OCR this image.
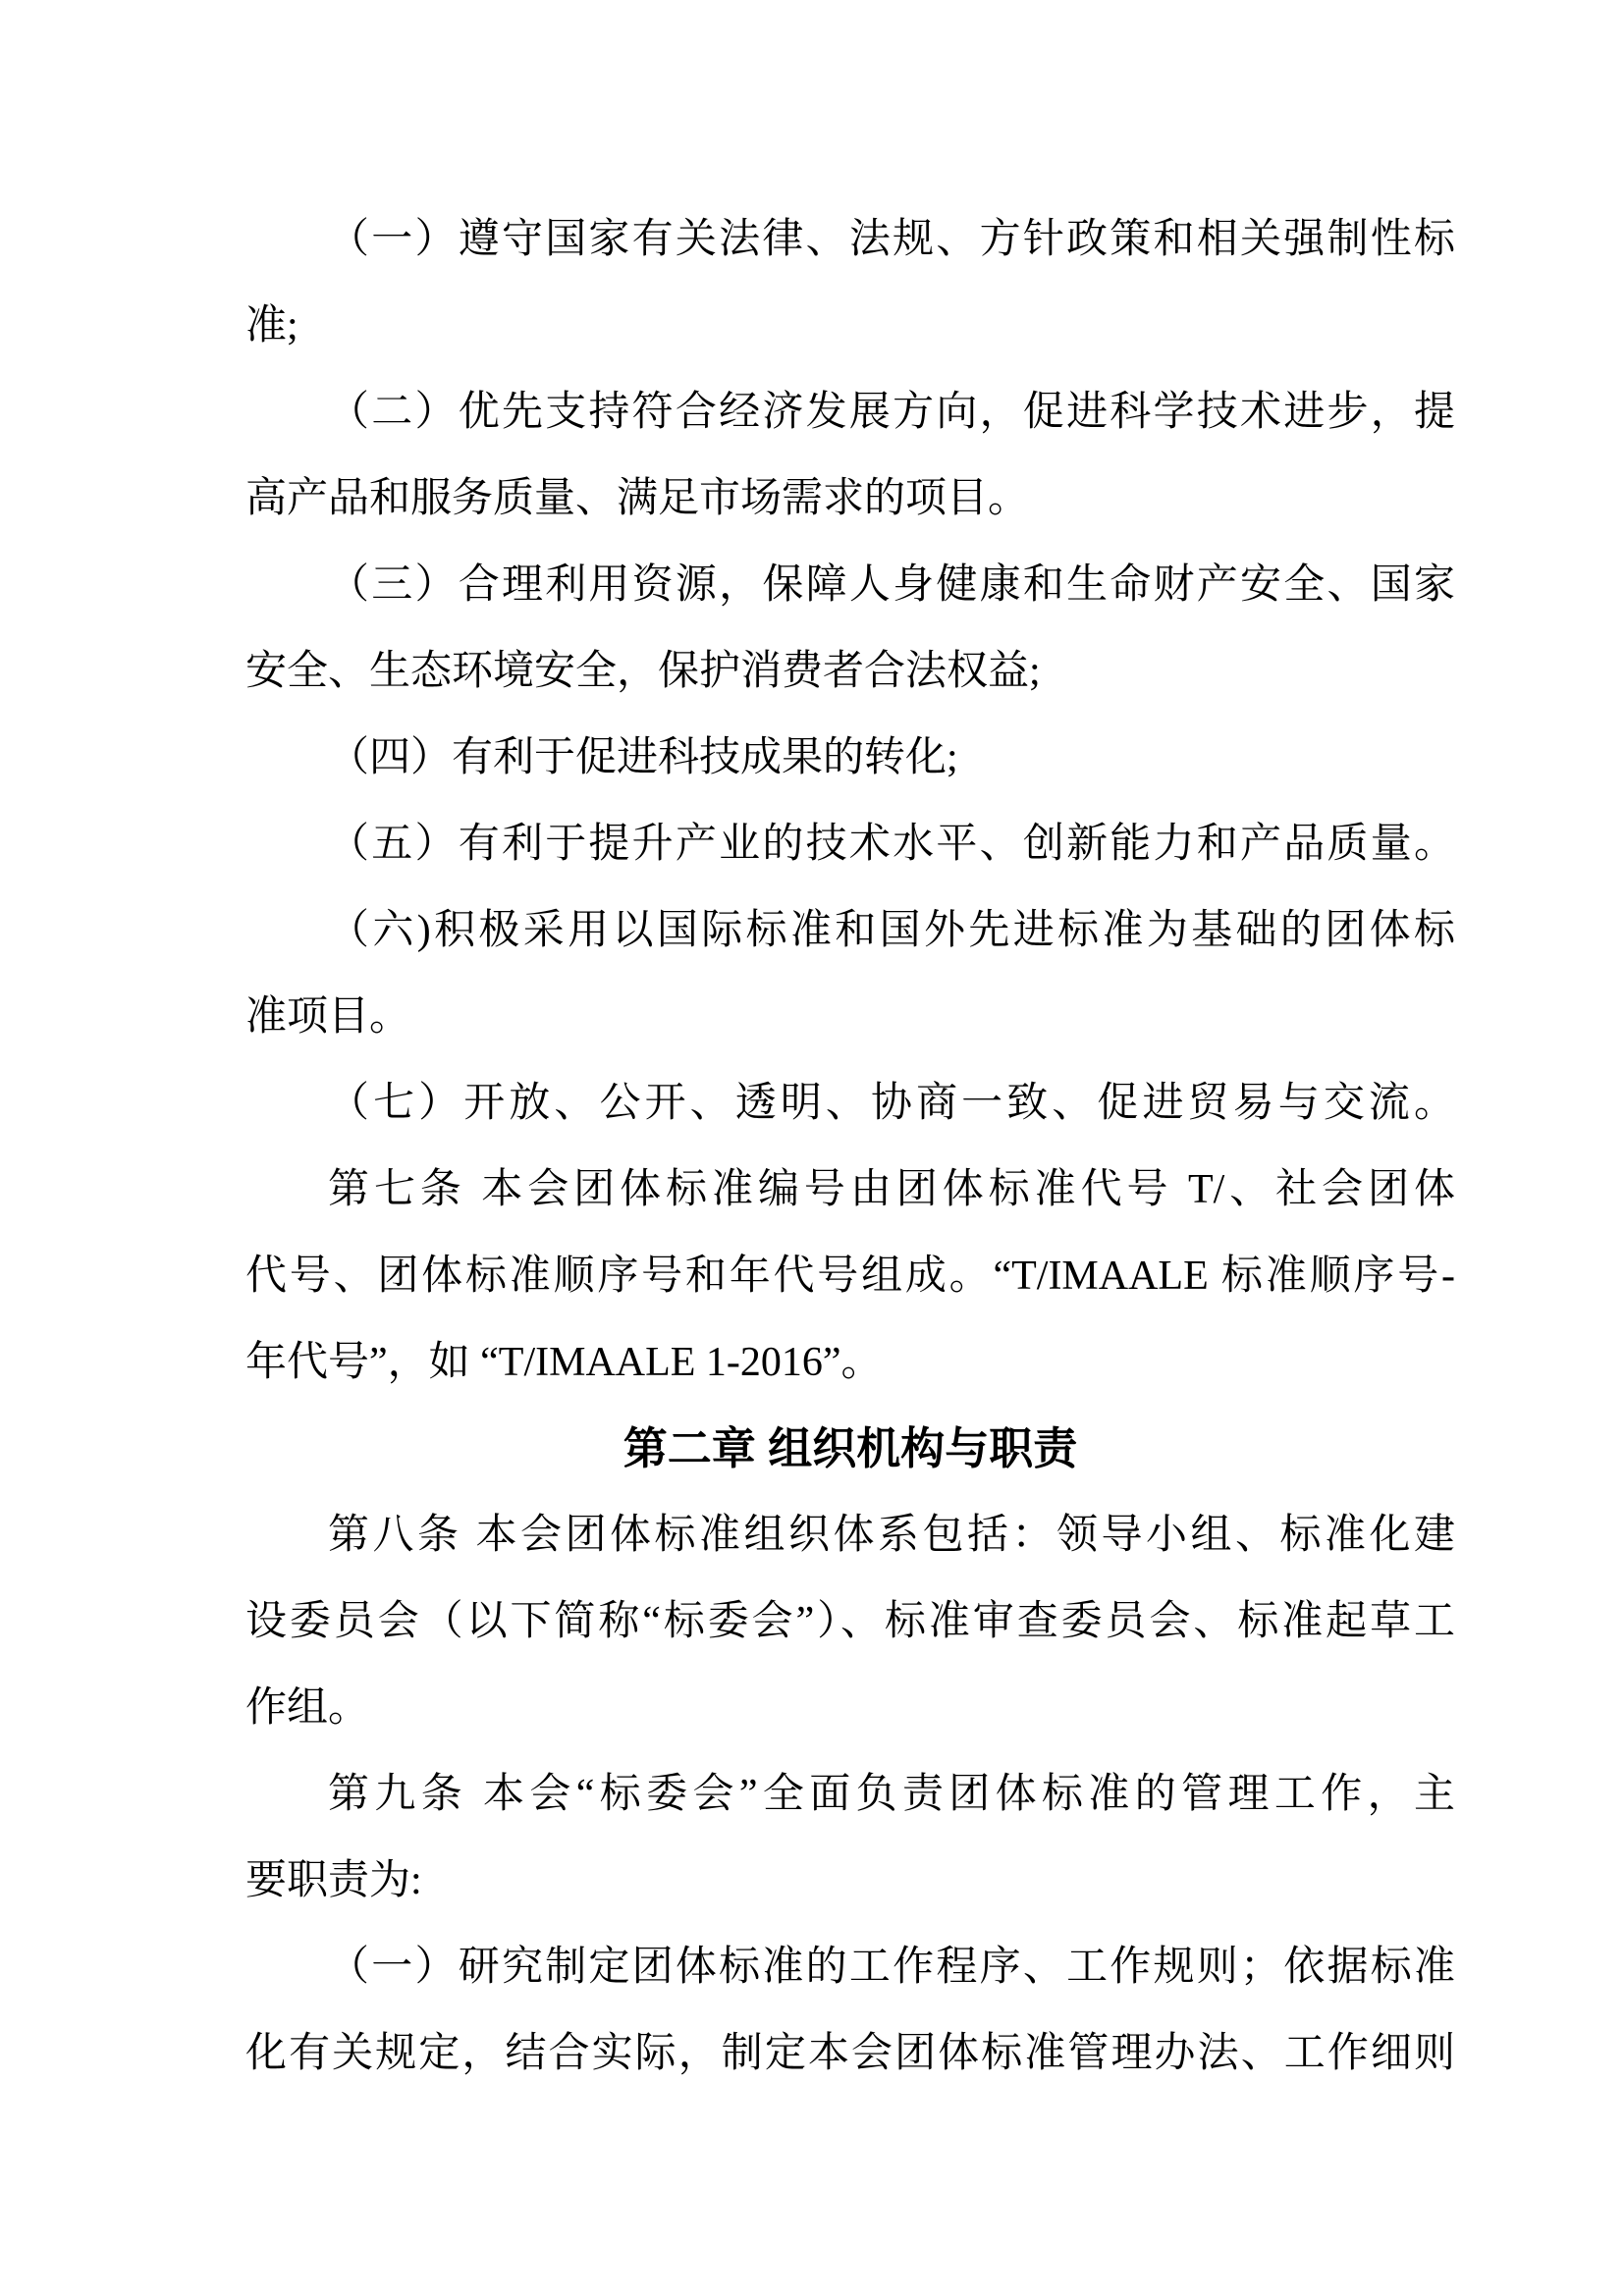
（一）遵守国家有关法律、法规、方针政策和相关强制性标
准;
（二）优先支持符合经济发展方向，促进科学技术进步，提
高产品和服务质量、满足市场需求的项目。
（三）合理利用资源，保障人身健康和生命财产安全、国家
安全、生态环境安全，保护消费者合法权益;
（四）有利于促进科技成果的转化;
（五）有利于提升产业的技术水平、创新能力和产品质量。
（六)积极采用以国际标准和国外先进标准为基础的团体标
准项目。
（七）开放、公开、透明、协商一致、促进贸易与交流。
第七条 本会团体标准编号由团体标准代号 T/、社会团体
代号、团体标准顺序号和年代号组成。“T/IMAALE 标准顺序号-
年代号”，如 “T/IMAALE 1-2016”。
第二章 组织机构与职责
第八条 本会团体标准组织体系包括：领导小组、标准化建
设委员会（以下简称“标委会”）、标准审查委员会、标准起草工
作组。
第九条 本会“标委会”全面负责团体标准的管理工作，主
要职责为:
（一）研究制定团体标准的工作程序、工作规则；依据标准
化有关规定，结合实际，制定本会团体标准管理办法、工作细则
